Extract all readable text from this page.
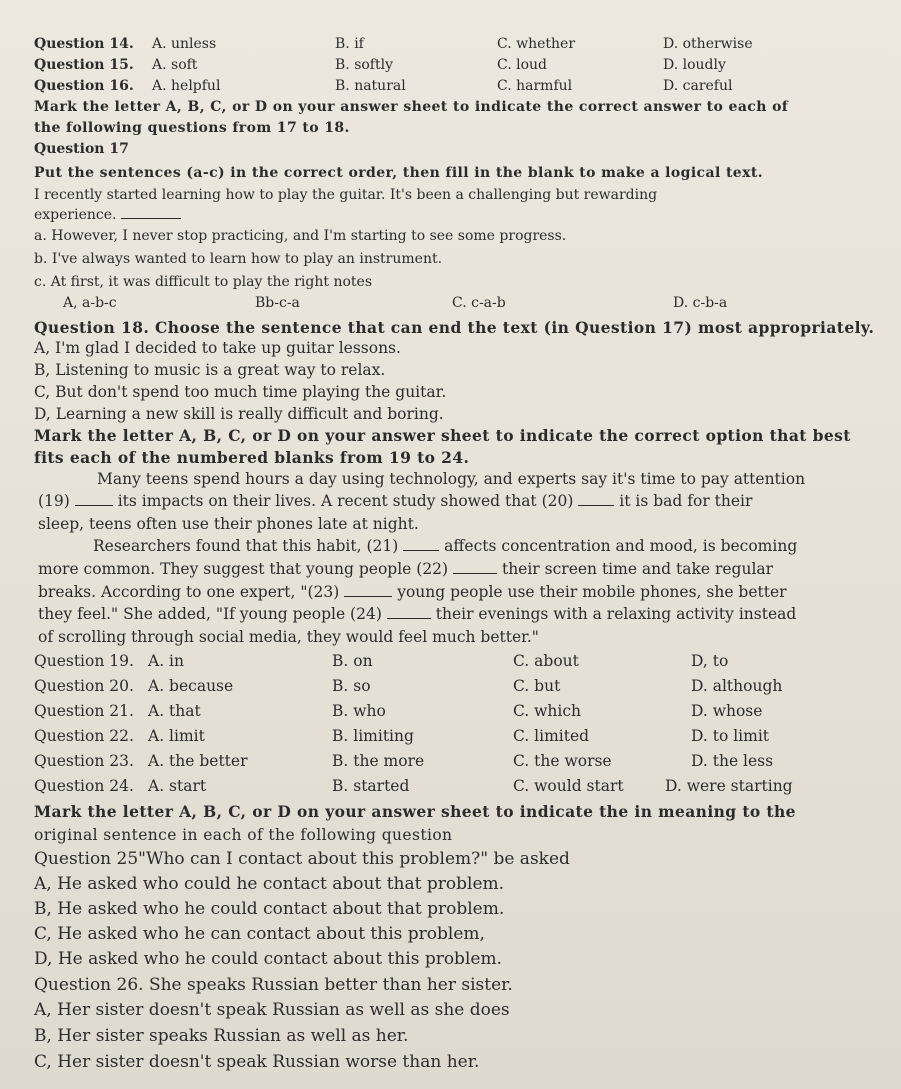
Question 14. A. unless	B. if	C. whether	D. otherwise
Question 15. A. soft	B. softly	C. loud	D. loudly
Question 16. A. helpful	B. natural	C. harmful	D. careful
Mark the letter A, B, C, or D on your answer sheet to indicate the correct answer to each of
the following questions from 17 to 18.
Question 17
Put the sentences (a-c) in the correct order, then fill in the blank to make a logical text.
I recently started learning how to play the guitar. It's been a challenging but rewarding
experience.
a. However, I never stop practicing, and I'm starting to see some progress.
b. I've always wanted to learn how to play an instrument.
c. At first, it was difficult to play the right notes
A, a-b-c	Bb-c-a	C. c-a-b	D. c-b-a
Question 18. Choose the sentence that can end the text (in Question 17) most appropriately.
A, I'm glad I decided to take up guitar lessons.
B, Listening to music is a great way to relax.
C, But don't spend too much time playing the guitar.
D, Learning a new skill is really difficult and boring.
Mark the letter A, B, C, or D on your answer sheet to indicate the correct option that best
fits each of the numbered blanks from 19 to 24.
Many teens spend hours a day using technology, and experts say it's time to pay attention
(19)	its impacts on their lives. A recent study showed that (20)	it is bad for their
sleep, teens often use their phones late at night.
Researchers found that this habit, (21)	affects concentration and mood, is becoming
more common. They suggest that young people (22)	their screen time and take regular
breaks. According to one expert, "(23)	young people use their mobile phones, she better
they feel." She added, "If young people (24)	their evenings with a relaxing activity instead
of scrolling through social media, they would feel much better."
Question 19. A. in	B. on	C. about	D, to
Question 20. A. because	B. so	C. but	D. although
Question 21. A. that	B. who	C. which	D. whose
Question 22. A. limit	B. limiting	C. limited	D. to limit
Question 23. A. the better	B. the more	C. the worse	D. the less
Question 24. A. start	B. started	C. would start	D. were starting
Mark the letter A, B, C, or D on your answer sheet to indicate the in meaning to the
original sentence in each of the following question
Question 25"Who can I contact about this problem?" be asked
A, He asked who could he contact about that problem.
B, He asked who he could contact about that problem.
C, He asked who he can contact about this problem,
D, He asked who he could contact about this problem.
Question 26. She speaks Russian better than her sister.
A, Her sister doesn't speak Russian as well as she does
B, Her sister speaks Russian as well as her.
C, Her sister doesn't speak Russian worse than her.
